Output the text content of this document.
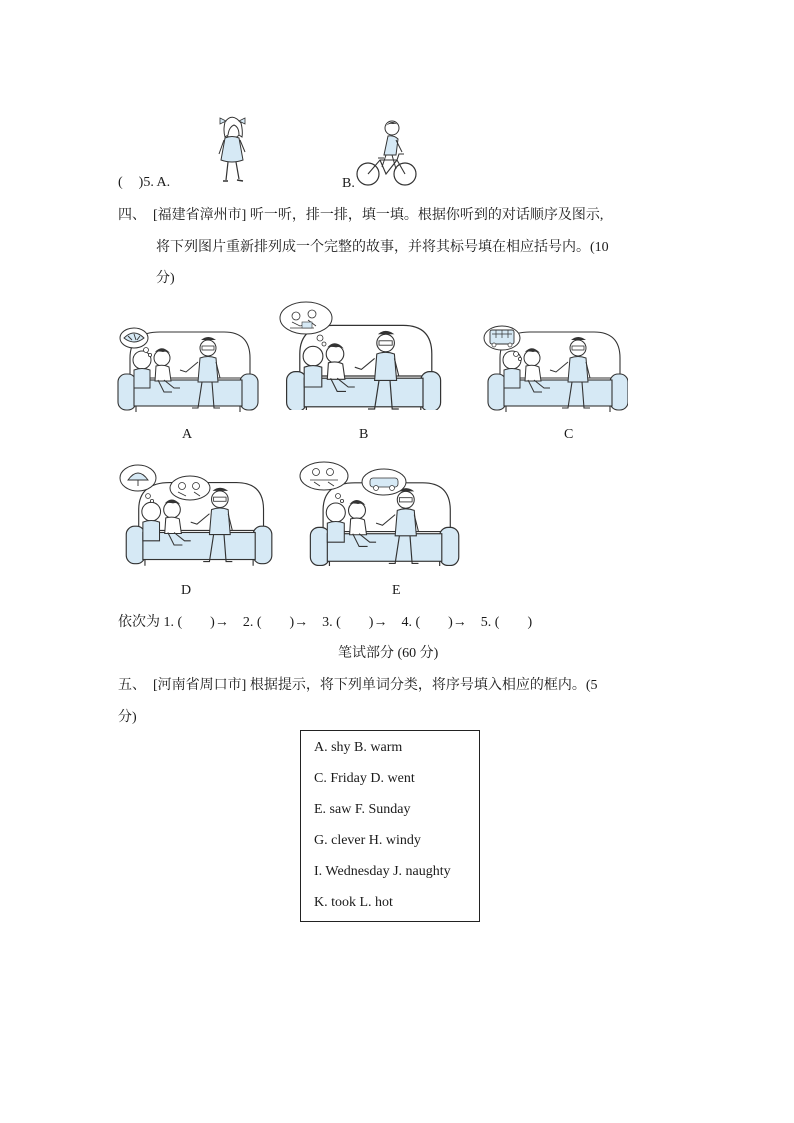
( )5. A.	B.
四、　[福建省漳州市] 听一听，排一排，填一填。根据你听到的对话顺序及图示,
将下列图片重新排列成一个完整的故事，并将其标号填在相应括号内。(10
分)
A	B	C
D	E
依次为 1. (　　)→　2. (　　)→　3. (　　)→　4. (　　)→　5. (　　)
笔试部分 (60 分)
五、　[河南省周口市] 根据提示，将下列单词分类，将序号填入相应的框内。(5
分)
A. shy B. warm
C. Friday D. went
E. saw F. Sunday
G. clever H. windy
I. Wednesday J. naughty
K. took L. hot
